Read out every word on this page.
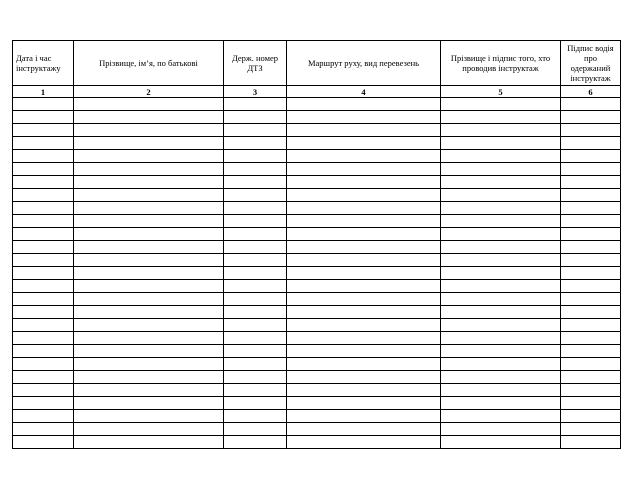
Дата і час інструктажу	Прізвище, ім’я, по батькові	Держ. номер ДТЗ	Маршрут руху, вид перевезень	Прізвище і підпис того, хто проводив інструктаж	Підпис водія про одержаний інструктаж
1	2	3	4	5	6
